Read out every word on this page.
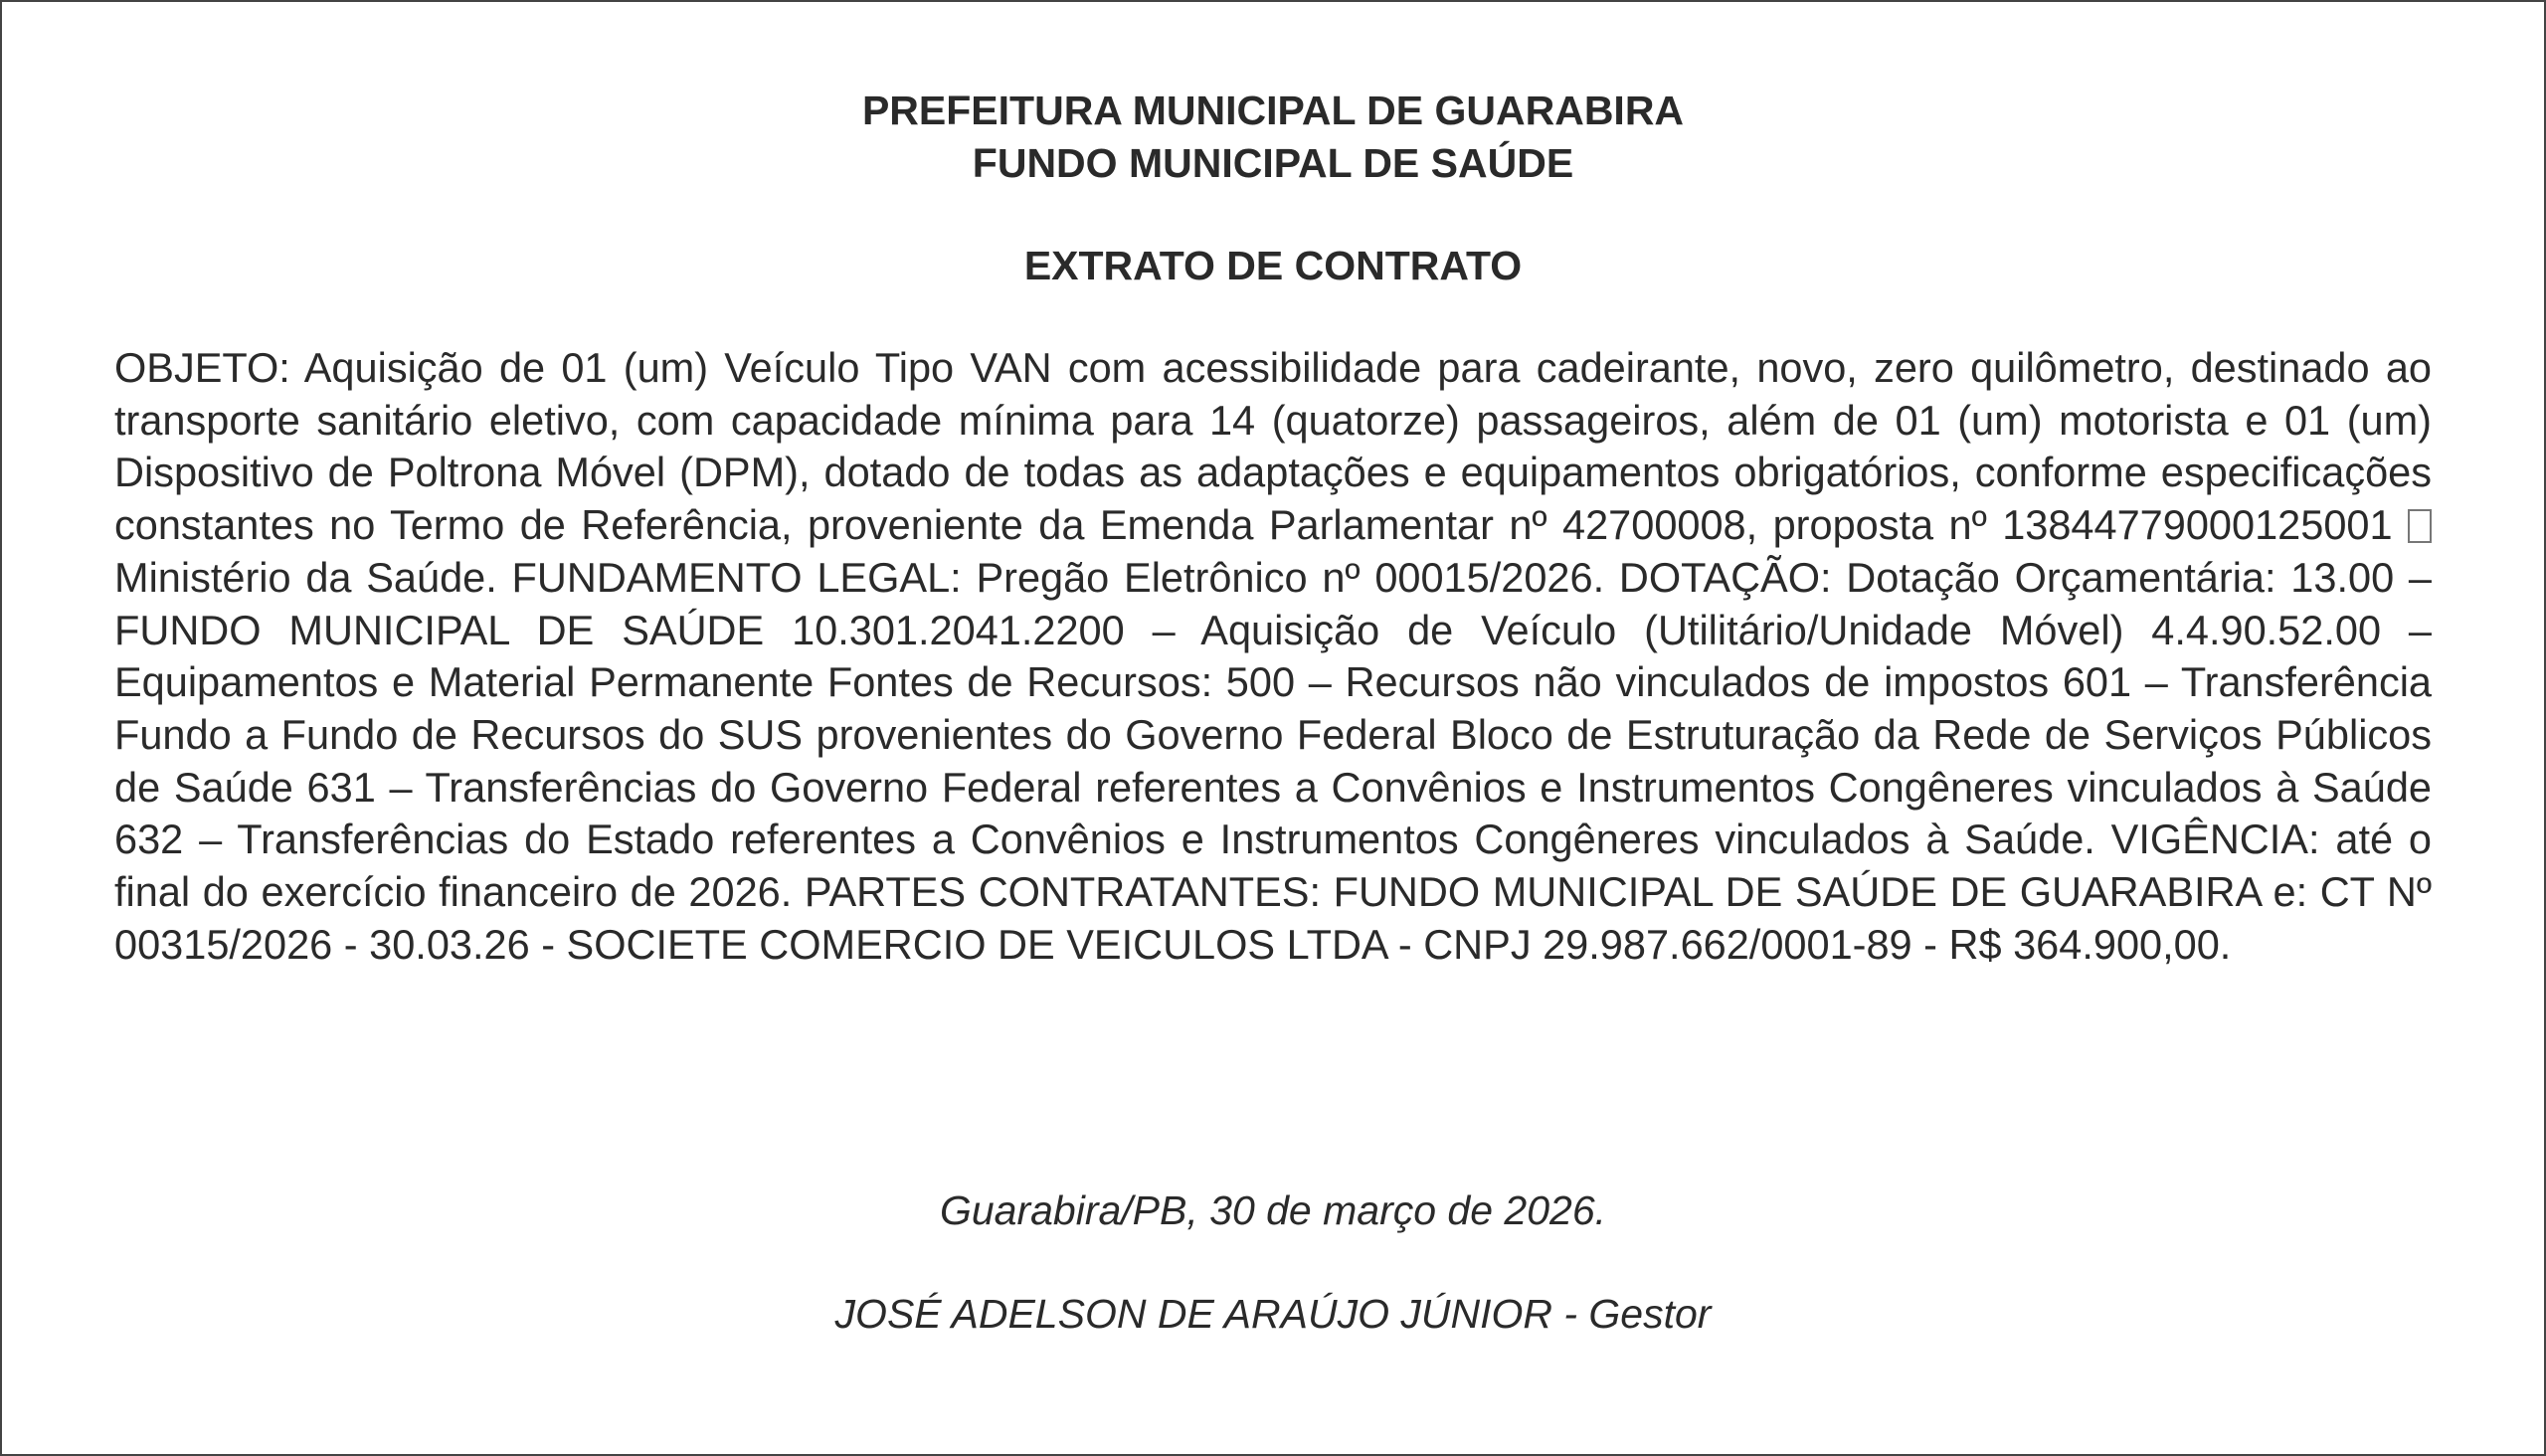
PREFEITURA MUNICIPAL DE GUARABIRA
FUNDO MUNICIPAL DE SAÚDE
EXTRATO DE CONTRATO
OBJETO: Aquisição de 01 (um) Veículo Tipo VAN com acessibilidade para cadeirante, novo, zero quilômetro, destinado ao transporte sanitário eletivo, com capacidade mínima para 14 (quatorze) passageiros, além de 01 (um) motorista e 01 (um) Dispositivo de Poltrona Móvel (DPM), dotado de todas as adaptações e equipamentos obrigatórios, conforme especificações constantes no Termo de Referência, proveniente da Emenda Parlamentar nº 42700008, proposta nº 13844779000125001  Ministério da Saúde. FUNDAMENTO LEGAL: Pregão Eletrônico nº 00015/2026. DOTAÇÃO: Dotação Orçamentária: 13.00 – FUNDO MUNICIPAL DE SAÚDE 10.301.2041.2200 – Aquisição de Veículo (Utilitário/Unidade Móvel) 4.4.90.52.00 – Equipamentos e Material Permanente Fontes de Recursos: 500 – Recursos não vinculados de impostos 601 – Transferência Fundo a Fundo de Recursos do SUS provenientes do Governo Federal Bloco de Estruturação da Rede de Serviços Públicos de Saúde 631 – Transferências do Governo Federal referentes a Convênios e Instrumentos Congêneres vinculados à Saúde 632 – Transferências do Estado referentes a Convênios e Instrumentos Congêneres vinculados à Saúde. VIGÊNCIA: até o final do exercício financeiro de 2026. PARTES CONTRATANTES: FUNDO MUNICIPAL DE SAÚDE DE GUARABIRA e: CT Nº 00315/2026 - 30.03.26 - SOCIETE COMERCIO DE VEICULOS LTDA - CNPJ 29.987.662/0001-89 - R$ 364.900,00.
Guarabira/PB, 30 de março de 2026.
JOSÉ ADELSON DE ARAÚJO JÚNIOR - Gestor
